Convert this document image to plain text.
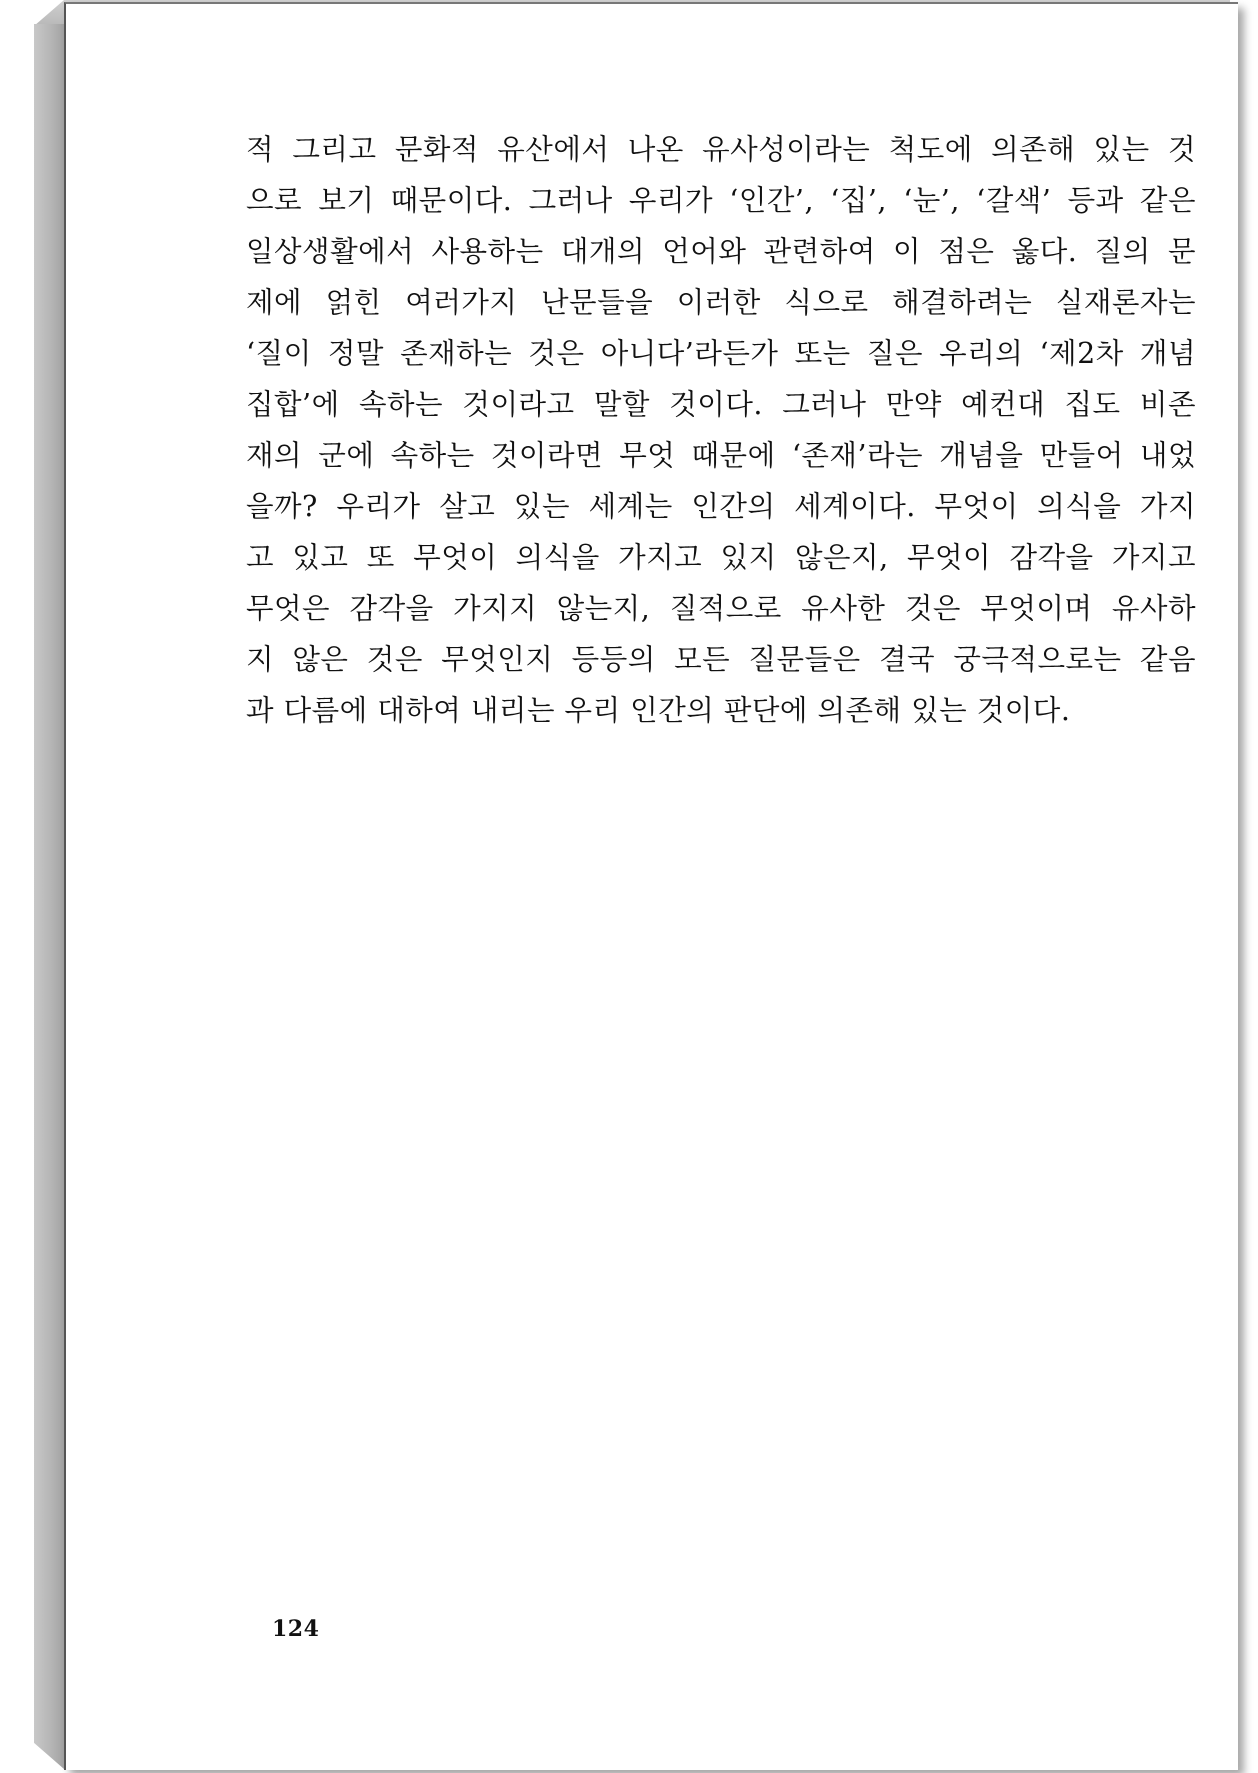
적 그리고 문화적 유산에서 나온 유사성이라는 척도에 의존해 있는 것
으로 보기 때문이다. 그러나 우리가 ‘인간’, ‘집’, ‘눈’, ‘갈색’ 등과 같은
일상생활에서 사용하는 대개의 언어와 관련하여 이 점은 옳다. 질의 문
제에 얽힌 여러가지 난문들을 이러한 식으로 해결하려는 실재론자는
‘질이 정말 존재하는 것은 아니다’라든가 또는 질은 우리의 ‘제2차 개념
집합’에 속하는 것이라고 말할 것이다. 그러나 만약 예컨대 집도 비존
재의 군에 속하는 것이라면 무엇 때문에 ‘존재’라는 개념을 만들어 내었
을까? 우리가 살고 있는 세계는 인간의 세계이다. 무엇이 의식을 가지
고 있고 또 무엇이 의식을 가지고 있지 않은지, 무엇이 감각을 가지고
무엇은 감각을 가지지 않는지, 질적으로 유사한 것은 무엇이며 유사하
지 않은 것은 무엇인지 등등의 모든 질문들은 결국 궁극적으로는 같음
과 다름에 대하여 내리는 우리 인간의 판단에 의존해 있는 것이다.
124
